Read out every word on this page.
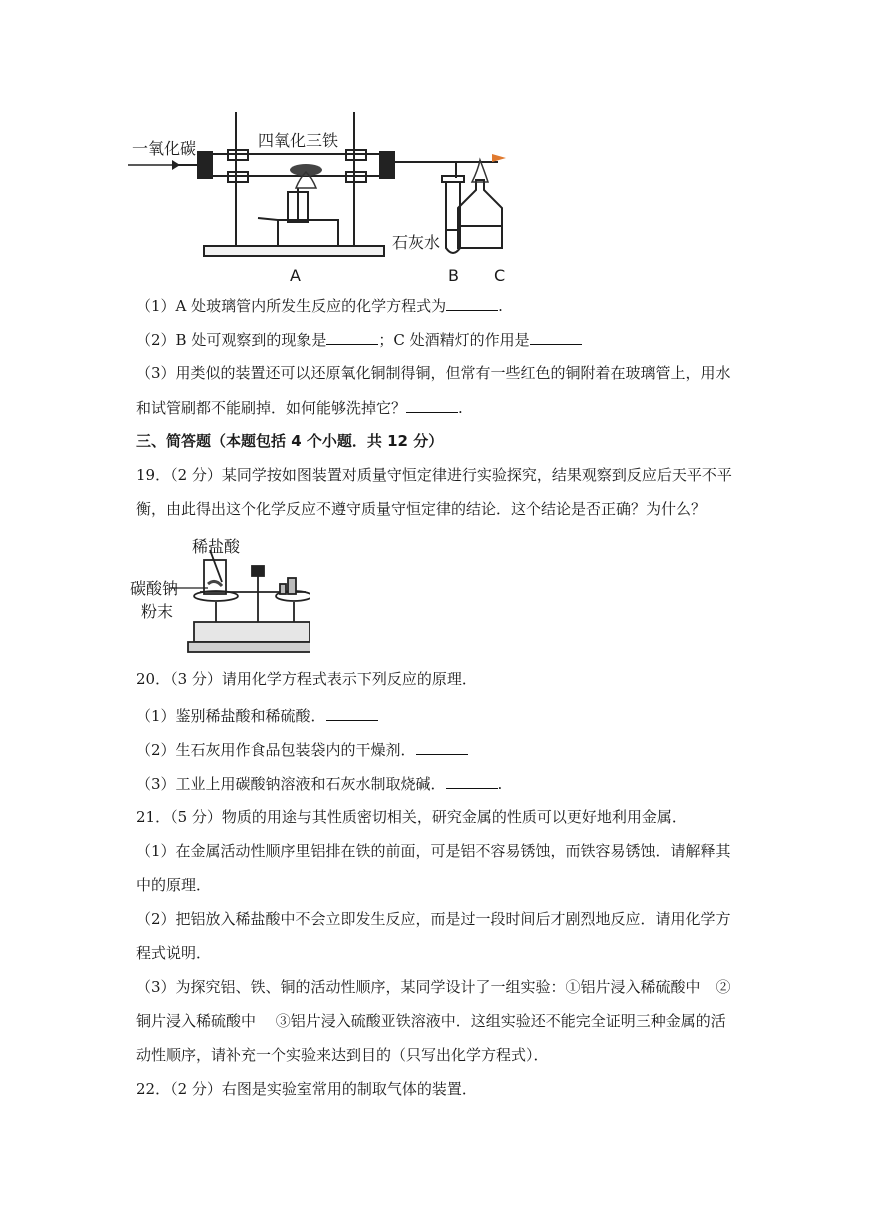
一氧化碳	四氧化三铁
石灰水
A	B C
（1）A 处玻璃管内所发生反应的化学方程式为	.
（2）B 处可观察到的现象是	；C 处酒精灯的作用是
（3）用类似的装置还可以还原氧化铜制得铜，但常有一些红色的铜附着在玻璃管上，用水
和试管刷都不能刷掉．如何能够洗掉它？	.
三、简答题（本题包括 4 个小题．共 12 分）
19．（2 分）某同学按如图装置对质量守恒定律进行实验探究，结果观察到反应后天平不平
衡，由此得出这个化学反应不遵守质量守恒定律的结论．这个结论是否正确？为什么？
稀盐酸
碳酸钠
粉末
20．（3 分）请用化学方程式表示下列反应的原理．
（1）鉴别稀盐酸和稀硫酸．
（2）生石灰用作食品包装袋内的干燥剂．
（3）工业上用碳酸钠溶液和石灰水制取烧碱．	.
21．（5 分）物质的用途与其性质密切相关，研究金属的性质可以更好地利用金属．
（1）在金属活动性顺序里铝排在铁的前面，可是铝不容易锈蚀，而铁容易锈蚀．请解释其
中的原理．
（2）把铝放入稀盐酸中不会立即发生反应，而是过一段时间后才剧烈地反应．请用化学方
程式说明．
（3）为探究铝、铁、铜的活动性顺序，某同学设计了一组实验：①铝片浸入稀硫酸中　②
铜片浸入稀硫酸中　 ③铝片浸入硫酸亚铁溶液中．这组实验还不能完全证明三种金属的活
动性顺序，请补充一个实验来达到目的（只写出化学方程式）．
22．（2 分）右图是实验室常用的制取气体的装置．
